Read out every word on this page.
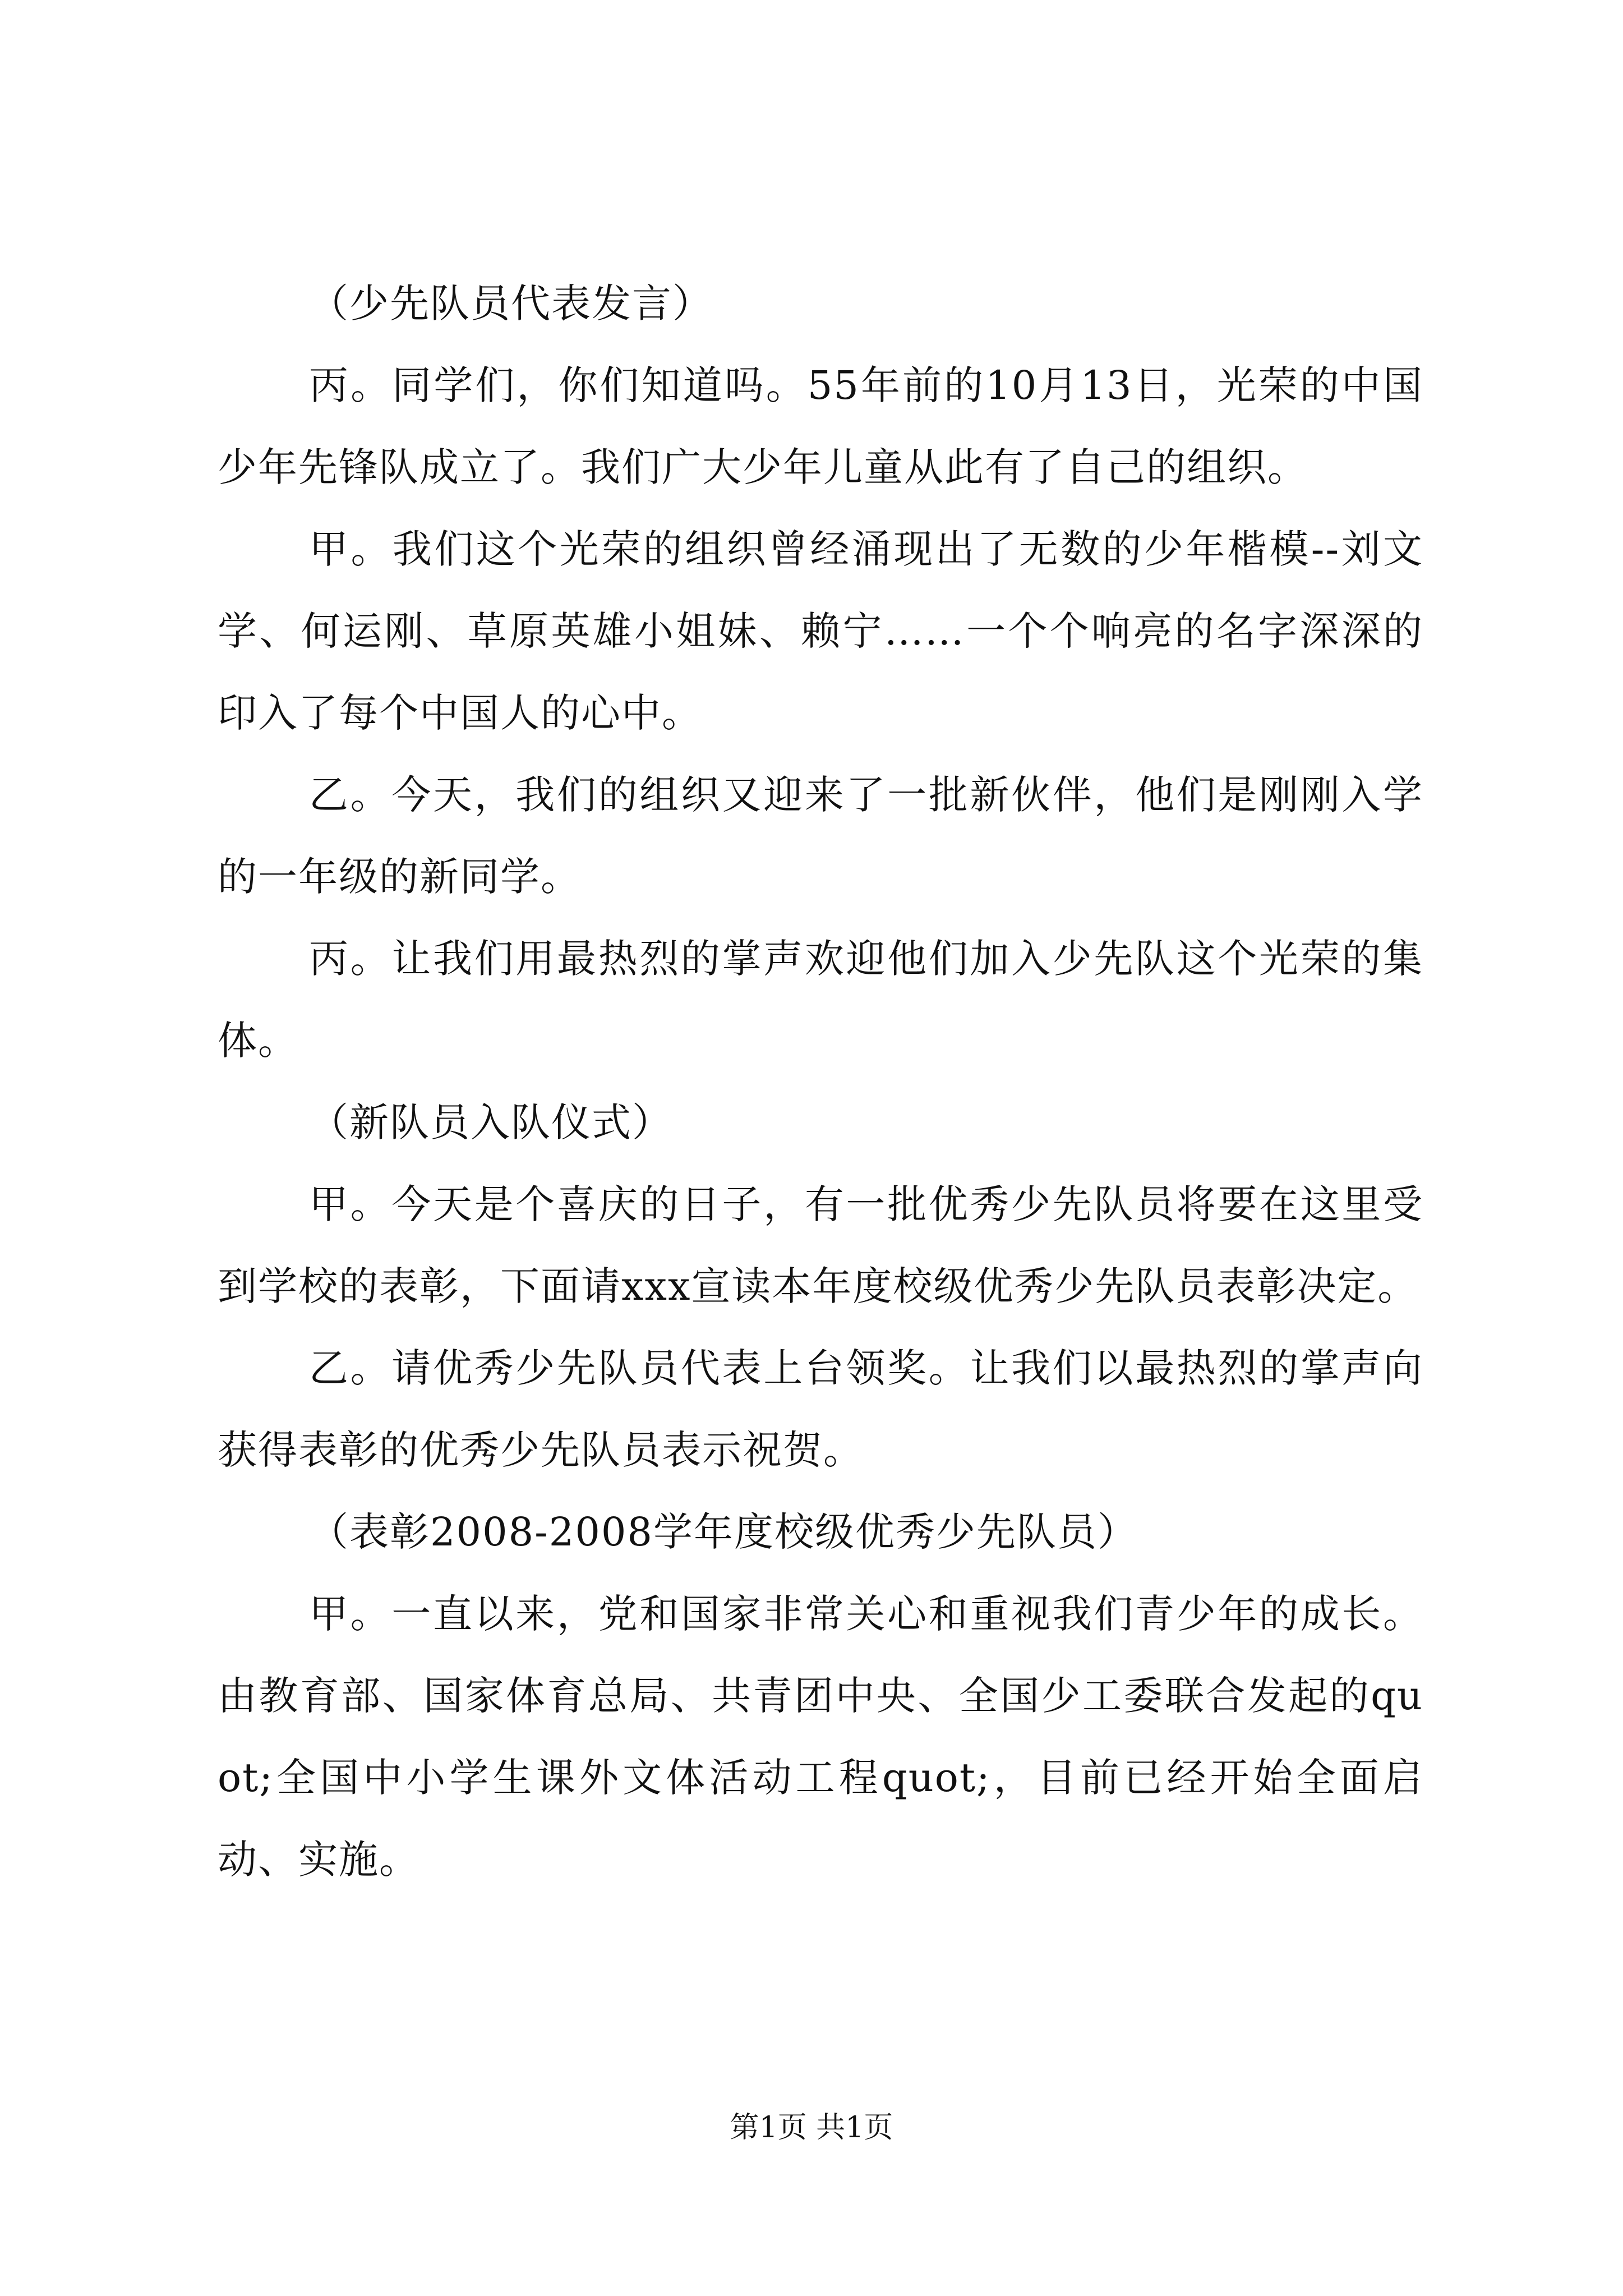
（少先队员代表发言）

丙。同学们，你们知道吗。55年前的10月13日，光荣的中国少年先锋队成立了。我们广大少年儿童从此有了自己的组织。

甲。我们这个光荣的组织曾经涌现出了无数的少年楷模--刘文学、何运刚、草原英雄小姐妹、赖宁……一个个响亮的名字深深的印入了每个中国人的心中。

乙。今天，我们的组织又迎来了一批新伙伴，他们是刚刚入学的一年级的新同学。

丙。让我们用最热烈的掌声欢迎他们加入少先队这个光荣的集体。

（新队员入队仪式）

甲。今天是个喜庆的日子，有一批优秀少先队员将要在这里受到学校的表彰，下面请xxx宣读本年度校级优秀少先队员表彰决定。

乙。请优秀少先队员代表上台领奖。让我们以最热烈的掌声向获得表彰的优秀少先队员表示祝贺。

（表彰2008-2008学年度校级优秀少先队员）

甲。一直以来，党和国家非常关心和重视我们青少年的成长。由教育部、国家体育总局、共青团中央、全国少工委联合发起的quot;全国中小学生课外文体活动工程quot;，目前已经开始全面启动、实施。

第1页 共1页
